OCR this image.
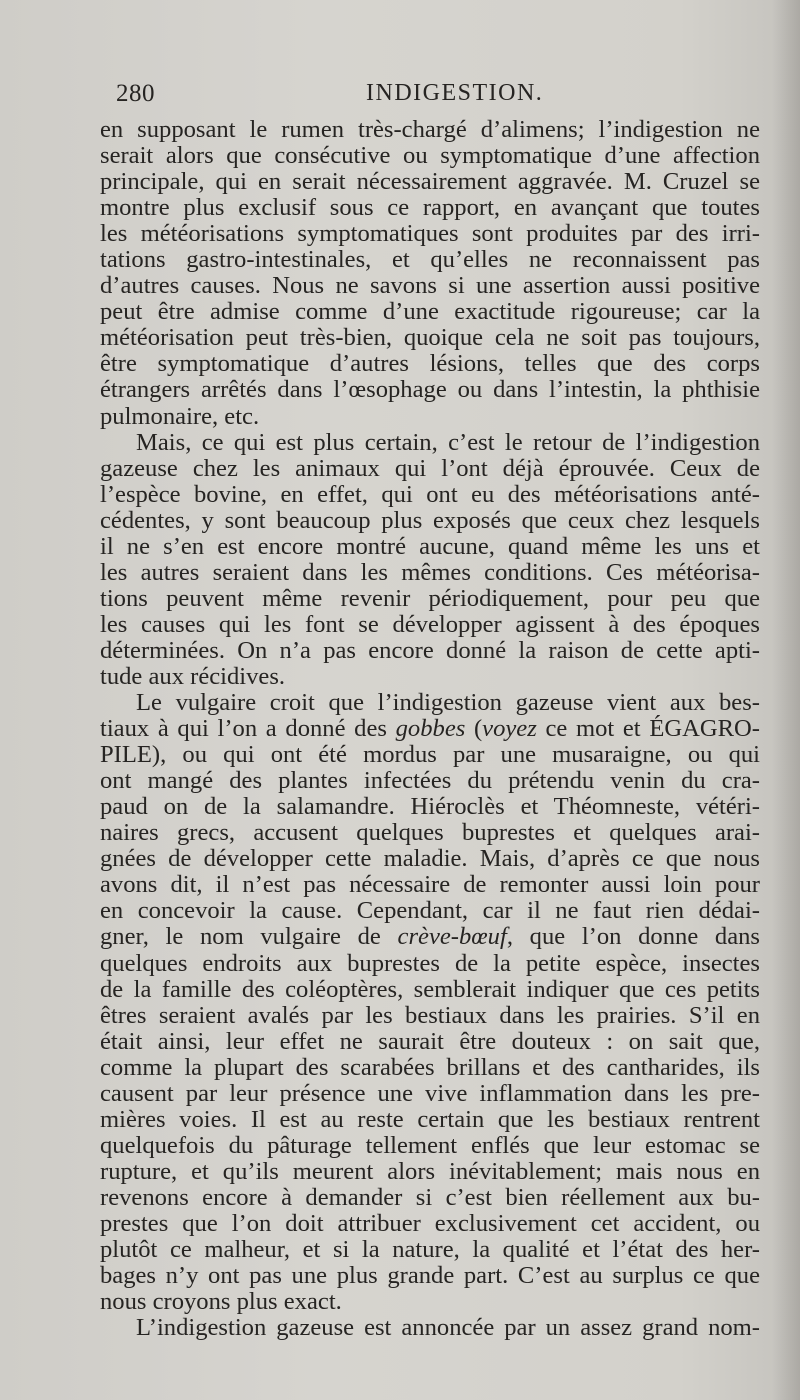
280	INDIGESTION.
en supposant le rumen très-chargé d’alimens; l’indigestion ne
serait alors que consécutive ou symptomatique d’une affection
principale, qui en serait nécessairement aggravée. M. Cruzel se
montre plus exclusif sous ce rapport, en avançant que toutes
les météorisations symptomatiques sont produites par des irri-
tations gastro-intestinales, et qu’elles ne reconnaissent pas
d’autres causes. Nous ne savons si une assertion aussi positive
peut être admise comme d’une exactitude rigoureuse; car la
météorisation peut très-bien, quoique cela ne soit pas toujours,
être symptomatique d’autres lésions, telles que des corps
étrangers arrêtés dans l’œsophage ou dans l’intestin, la phthisie
pulmonaire, etc.
Mais, ce qui est plus certain, c’est le retour de l’indigestion
gazeuse chez les animaux qui l’ont déjà éprouvée. Ceux de
l’espèce bovine, en effet, qui ont eu des météorisations anté-
cédentes, y sont beaucoup plus exposés que ceux chez lesquels
il ne s’en est encore montré aucune, quand même les uns et
les autres seraient dans les mêmes conditions. Ces météorisa-
tions peuvent même revenir périodiquement, pour peu que
les causes qui les font se développer agissent à des époques
déterminées. On n’a pas encore donné la raison de cette apti-
tude aux récidives.
Le vulgaire croit que l’indigestion gazeuse vient aux bes-
tiaux à qui l’on a donné des gobbes (voyez ce mot et ÉGAGRO-
PILE), ou qui ont été mordus par une musaraigne, ou qui
ont mangé des plantes infectées du prétendu venin du cra-
paud on de la salamandre. Hiéroclès et Théomneste, vétéri-
naires grecs, accusent quelques buprestes et quelques arai-
gnées de développer cette maladie. Mais, d’après ce que nous
avons dit, il n’est pas nécessaire de remonter aussi loin pour
en concevoir la cause. Cependant, car il ne faut rien dédai-
gner, le nom vulgaire de crève-bœuf, que l’on donne dans
quelques endroits aux buprestes de la petite espèce, insectes
de la famille des coléoptères, semblerait indiquer que ces petits
êtres seraient avalés par les bestiaux dans les prairies. S’il en
était ainsi, leur effet ne saurait être douteux : on sait que,
comme la plupart des scarabées brillans et des cantharides, ils
causent par leur présence une vive inflammation dans les pre-
mières voies. Il est au reste certain que les bestiaux rentrent
quelquefois du pâturage tellement enflés que leur estomac se
rupture, et qu’ils meurent alors inévitablement; mais nous en
revenons encore à demander si c’est bien réellement aux bu-
prestes que l’on doit attribuer exclusivement cet accident, ou
plutôt ce malheur, et si la nature, la qualité et l’état des her-
bages n’y ont pas une plus grande part. C’est au surplus ce que
nous croyons plus exact.
L’indigestion gazeuse est annoncée par un assez grand nom-
